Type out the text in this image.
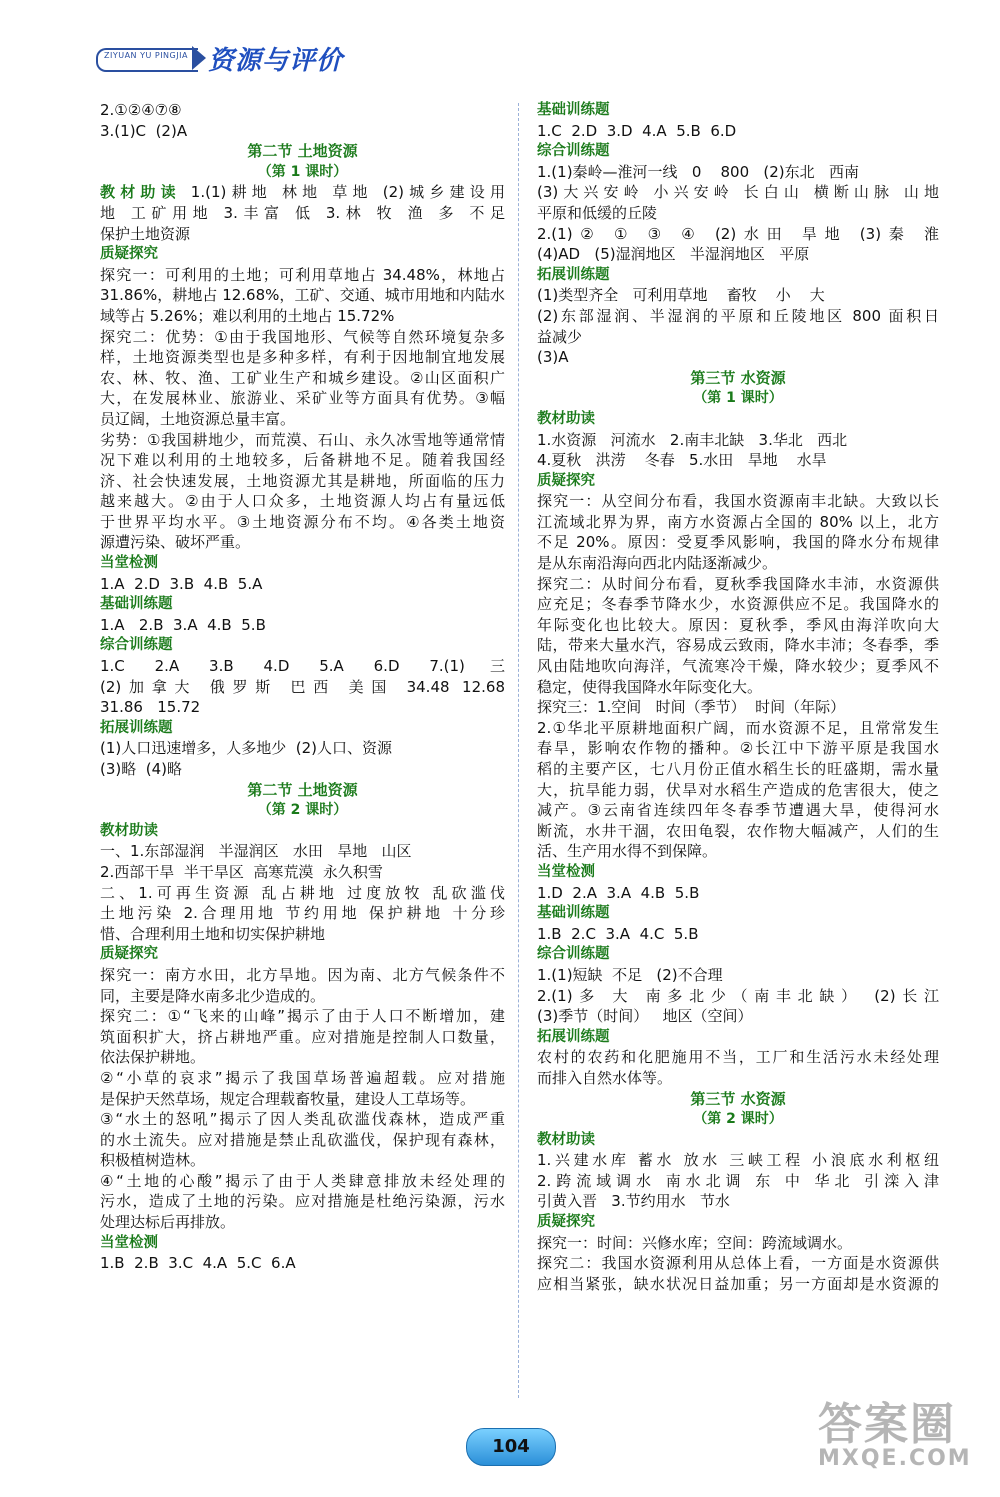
ZIYUAN YU PINGJIA 资源与评价
2.①②④⑦⑧
3.(1)C  (2)A
第二节 土地资源
（第 1 课时）
教材助读 1.(1)耕地 林地 草地 (2)城乡建设用
地 工矿用地 3.丰富 低 3.林 牧 渔 多 不足
保护土地资源
质疑探究
探究一：可利用的土地；可利用草地占 34.48%，林地占
31.86%，耕地占 12.68%，工矿、交通、城市用地和内陆水
域等占 5.26%；难以利用的土地占 15.72%
探究二：优势：①由于我国地形、气候等自然环境复杂多
样，土地资源类型也是多种多样，有利于因地制宜地发展
农、林、牧、渔、工矿业生产和城乡建设。②山区面积广
大，在发展林业、旅游业、采矿业等方面具有优势。③幅
员辽阔，土地资源总量丰富。
劣势：①我国耕地少，而荒漠、石山、永久冰雪地等通常情
况下难以利用的土地较多，后备耕地不足。随着我国经
济、社会快速发展，土地资源尤其是耕地，所面临的压力
越来越大。②由于人口众多，土地资源人均占有量远低
于世界平均水平。③土地资源分布不均。④各类土地资
源遭污染、破坏严重。
当堂检测
1.A  2.D  3.B  4.B  5.A
基础训练题
1.A   2.B  3.A  4.B  5.B
综合训练题
1.C 2.A 3.B 4.D 5.A 6.D 7.(1)三
(2)加拿大 俄罗斯 巴西 美国 34.48 12.68
31.86   15.72
拓展训练题
(1)人口迅速增多，人多地少  (2)人口、资源
(3)略  (4)略
第二节 土地资源
（第 2 课时）
教材助读
一、1.东部湿润   半湿润区   水田   旱地   山区
2.西部干旱  半干旱区  高寒荒漠  永久积雪
二、1.可再生资源 乱占耕地 过度放牧 乱砍滥伐
土地污染 2.合理用地 节约用地 保护耕地 十分珍
惜、合理利用土地和切实保护耕地
质疑探究
探究一：南方水田，北方旱地。因为南、北方气候条件不
同，主要是降水南多北少造成的。
探究二：①“飞来的山峰”揭示了由于人口不断增加，建
筑面积扩大，挤占耕地严重。应对措施是控制人口数量，
依法保护耕地。
②“小草的哀求”揭示了我国草场普遍超载。应对措施
是保护天然草场，规定合理载畜牧量，建设人工草场等。
③“水土的怒吼”揭示了因人类乱砍滥伐森林，造成严重
的水土流失。应对措施是禁止乱砍滥伐，保护现有森林，
积极植树造林。
④“土地的心酸”揭示了由于人类肆意排放未经处理的
污水，造成了土地的污染。应对措施是杜绝污染源，污水
处理达标后再排放。
当堂检测
1.B  2.B  3.C  4.A  5.C  6.A
基础训练题
1.C  2.D  3.D  4.A  5.B  6.D
综合训练题
1.(1)秦岭—淮河一线   0    800   (2)东北   西南
(3)大兴安岭 小兴安岭 长白山 横断山脉 山地
平原和低缓的丘陵
2.(1)② ① ③ ④ (2)水田 旱地 (3)秦 淮
(4)AD   (5)湿润地区   半湿润地区   平原
拓展训练题
(1)类型齐全   可利用草地    畜牧    小    大
(2)东部湿润、半湿润的平原和丘陵地区 800 面积日
益减少
(3)A
第三节 水资源
（第 1 课时）
教材助读
1.水资源   河流水   2.南丰北缺   3.华北   西北
4.夏秋   洪涝    冬春   5.水田   旱地    水旱
质疑探究
探究一：从空间分布看，我国水资源南丰北缺。大致以长
江流域北界为界，南方水资源占全国的 80% 以上，北方
不足 20%。原因：受夏季风影响，我国的降水分布规律
是从东南沿海向西北内陆逐渐减少。
探究二：从时间分布看，夏秋季我国降水丰沛，水资源供
应充足；冬春季节降水少，水资源供应不足。我国降水的
年际变化也比较大。原因：夏秋季，季风由海洋吹向大
陆，带来大量水汽，容易成云致雨，降水丰沛；冬春季，季
风由陆地吹向海洋，气流寒冷干燥，降水较少；夏季风不
稳定，使得我国降水年际变化大。
探究三：1.空间   时间（季节）  时间（年际）
2.①华北平原耕地面积广阔，而水资源不足，且常常发生
春旱，影响农作物的播种。②长江中下游平原是我国水
稻的主要产区，七八月份正值水稻生长的旺盛期，需水量
大，抗旱能力弱，伏旱对水稻生产造成的危害很大，使之
减产。③云南省连续四年冬春季节遭遇大旱，使得河水
断流，水井干涸，农田龟裂，农作物大幅减产，人们的生
活、生产用水得不到保障。
当堂检测
1.D  2.A  3.A  4.B  5.B
基础训练题
1.B  2.C  3.A  4.C  5.B
综合训练题
1.(1)短缺  不足   (2)不合理
2.(1)多 大 南多北少（南丰北缺） (2)长江
(3)季节（时间）   地区（空间）
拓展训练题
农村的农药和化肥施用不当，工厂和生活污水未经处理
而排入自然水体等。
第三节 水资源
（第 2 课时）
教材助读
1.兴建水库 蓄水 放水 三峡工程 小浪底水利枢纽
2.跨流域调水 南水北调 东 中 华北 引滦入津
引黄入晋   3.节约用水   节水
质疑探究
探究一：时间：兴修水库；空间：跨流域调水。
探究二：我国水资源利用从总体上看，一方面是水资源供
应相当紧张，缺水状况日益加重；另一方面却是水资源的
104	答案圈
MXQE.COM
